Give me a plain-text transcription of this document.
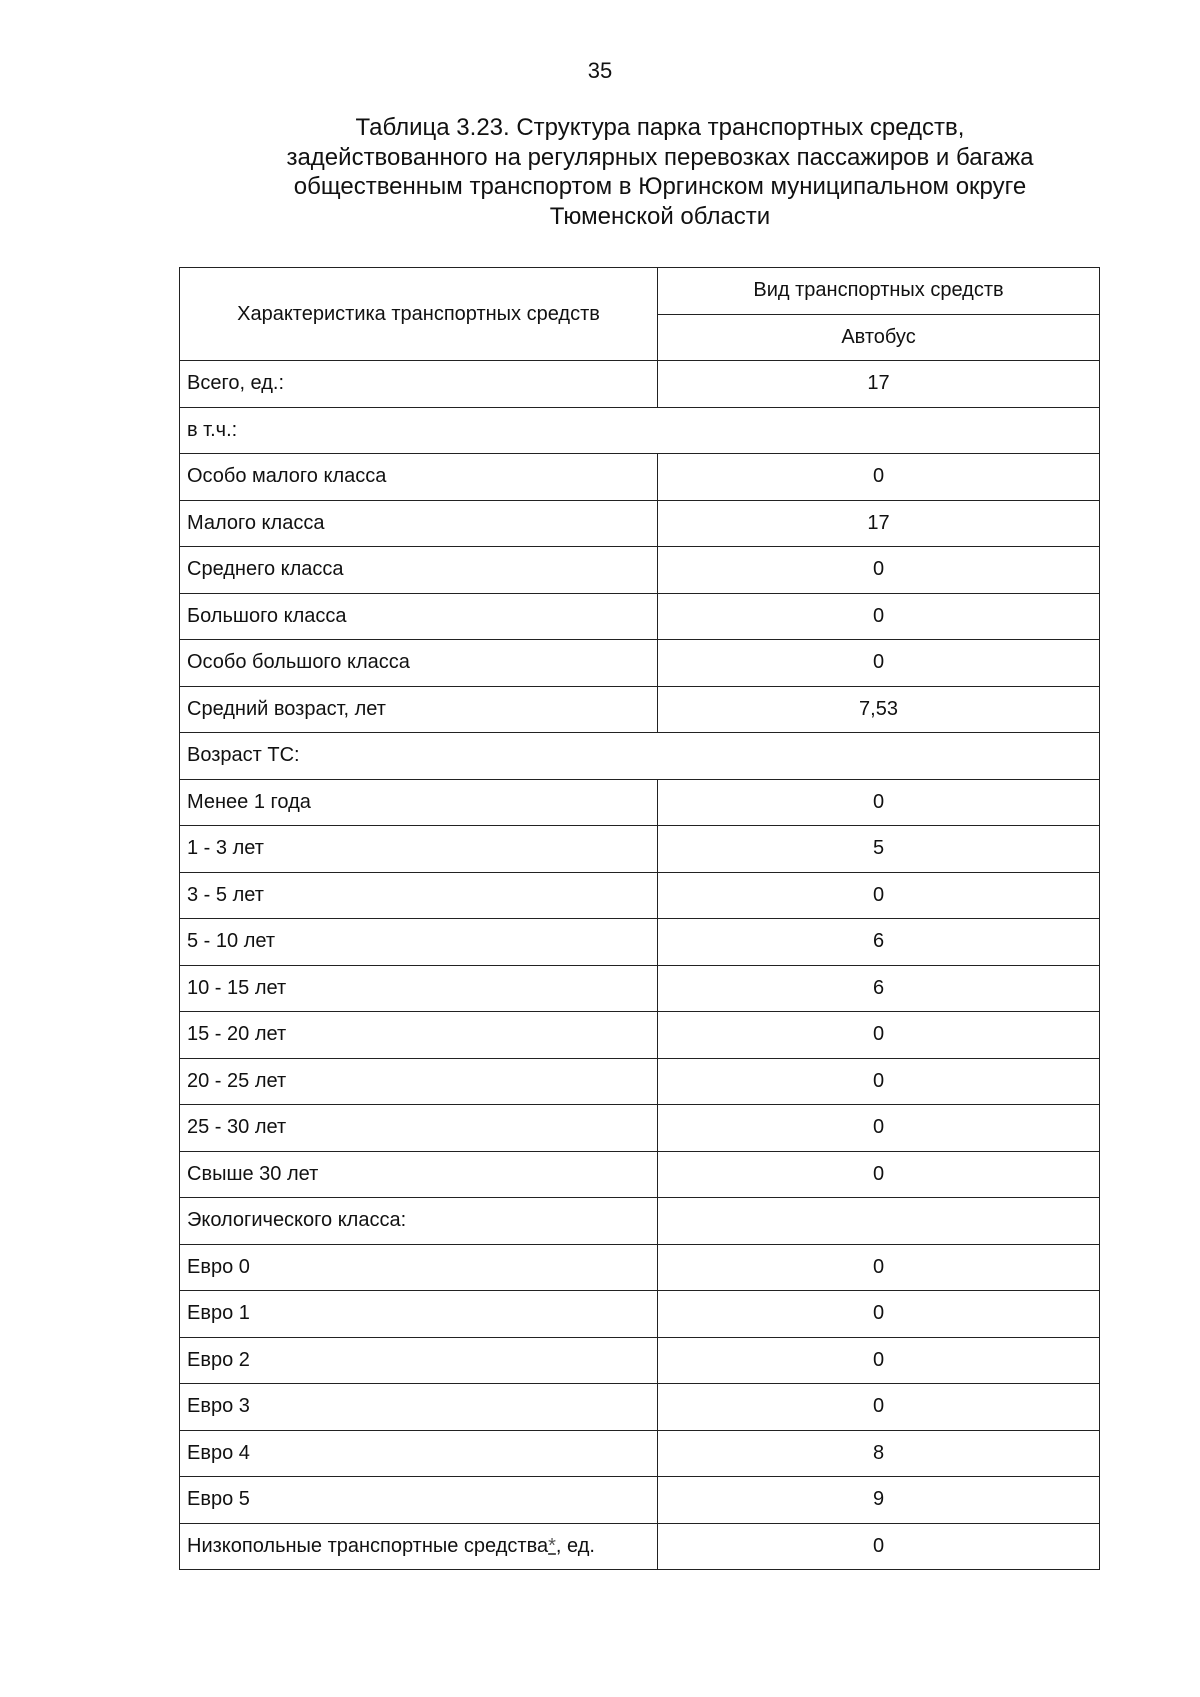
35
Таблица 3.23. Структура парка транспортных средств,
задействованного на регулярных перевозках пассажиров и багажа
общественным транспортом в Юргинском муниципальном округе
Тюменской области
Характеристика транспортных средств	Вид транспортных средств
	Автобус
Всего, ед.:	17
в т.ч.:	
Особо малого класса	0
Малого класса	17
Среднего класса	0
Большого класса	0
Особо большого класса	0
Средний возраст, лет	7,53
Возраст ТС:	
Менее 1 года	0
1 - 3 лет	5
3 - 5 лет	0
5 - 10 лет	6
10 - 15 лет	6
15 - 20 лет	0
20 - 25 лет	0
25 - 30 лет	0
Свыше 30 лет	0
Экологического класса:	
Евро 0	0
Евро 1	0
Евро 2	0
Евро 3	0
Евро 4	8
Евро 5	9
Низкопольные транспортные средства*, ед.	0
